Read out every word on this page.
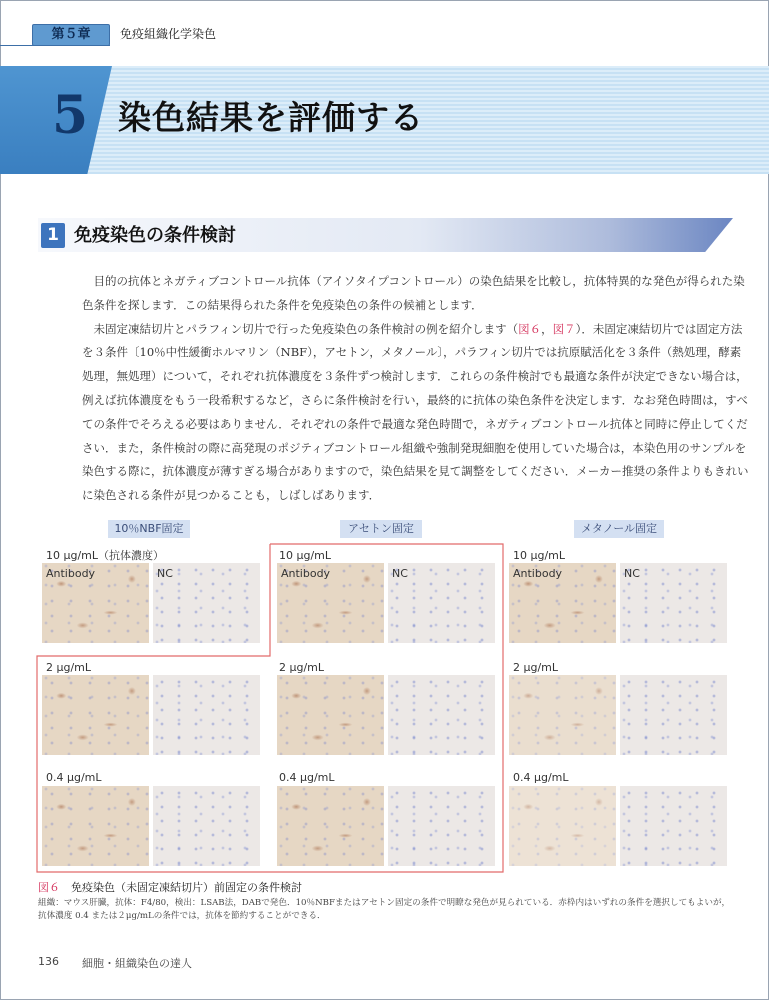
第５章	免疫組織化学染色
5 染色結果を評価する
1 免疫染色の条件検討

目的の抗体とネガティブコントロール抗体（アイソタイプコントロール）の染色結果を比較し，抗体特異的な発色が得られた染色条件を探します．この結果得られた条件を免疫染色の条件の候補とします．

未固定凍結切片とパラフィン切片で行った免疫染色の条件検討の例を紹介します（図６，図７）．未固定凍結切片では固定方法を３条件〔10％中性緩衝ホルマリン（NBF），アセトン，メタノール〕，パラフィン切片では抗原賦活化を３条件（熱処理，酵素処理，無処理）について，それぞれ抗体濃度を３条件ずつ検討します．これらの条件検討でも最適な条件が決定できない場合は，例えば抗体濃度をもう一段希釈するなど，さらに条件検討を行い，最終的に抗体の染色条件を決定します．なお発色時間は，すべての条件でそろえる必要はありません．それぞれの条件で最適な発色時間で，ネガティブコントロール抗体と同時に停止してください．また，条件検討の際に高発現のポジティブコントロール組織や強制発現細胞を使用していた場合は，本染色用のサンプルを染色する際に，抗体濃度が薄すぎる場合がありますので，染色結果を見て調整をしてください．メーカー推奨の条件よりもきれいに染色される条件が見つかることも，しばしばあります．

10％NBF固定	アセトン固定	メタノール固定
10 μg/mL（抗体濃度）	10 μg/mL	10 μg/mL
Antibody	NC	Antibody	NC	Antibody	NC
2 μg/mL	2 μg/mL	2 μg/mL
0.4 μg/mL	0.4 μg/mL	0.4 μg/mL
図６　 免疫染色（未固定凍結切片）前固定の条件検討
組織：マウス肝臓，抗体：F4/80，検出：LSAB法，DABで発色．10％NBFまたはアセトン固定の条件で明瞭な発色が見られている．赤枠内はいずれの条件を選択してもよいが，抗体濃度 0.4 または２μg/mLの条件では，抗体を節約することができる．
136 細胞・組織染色の達人
